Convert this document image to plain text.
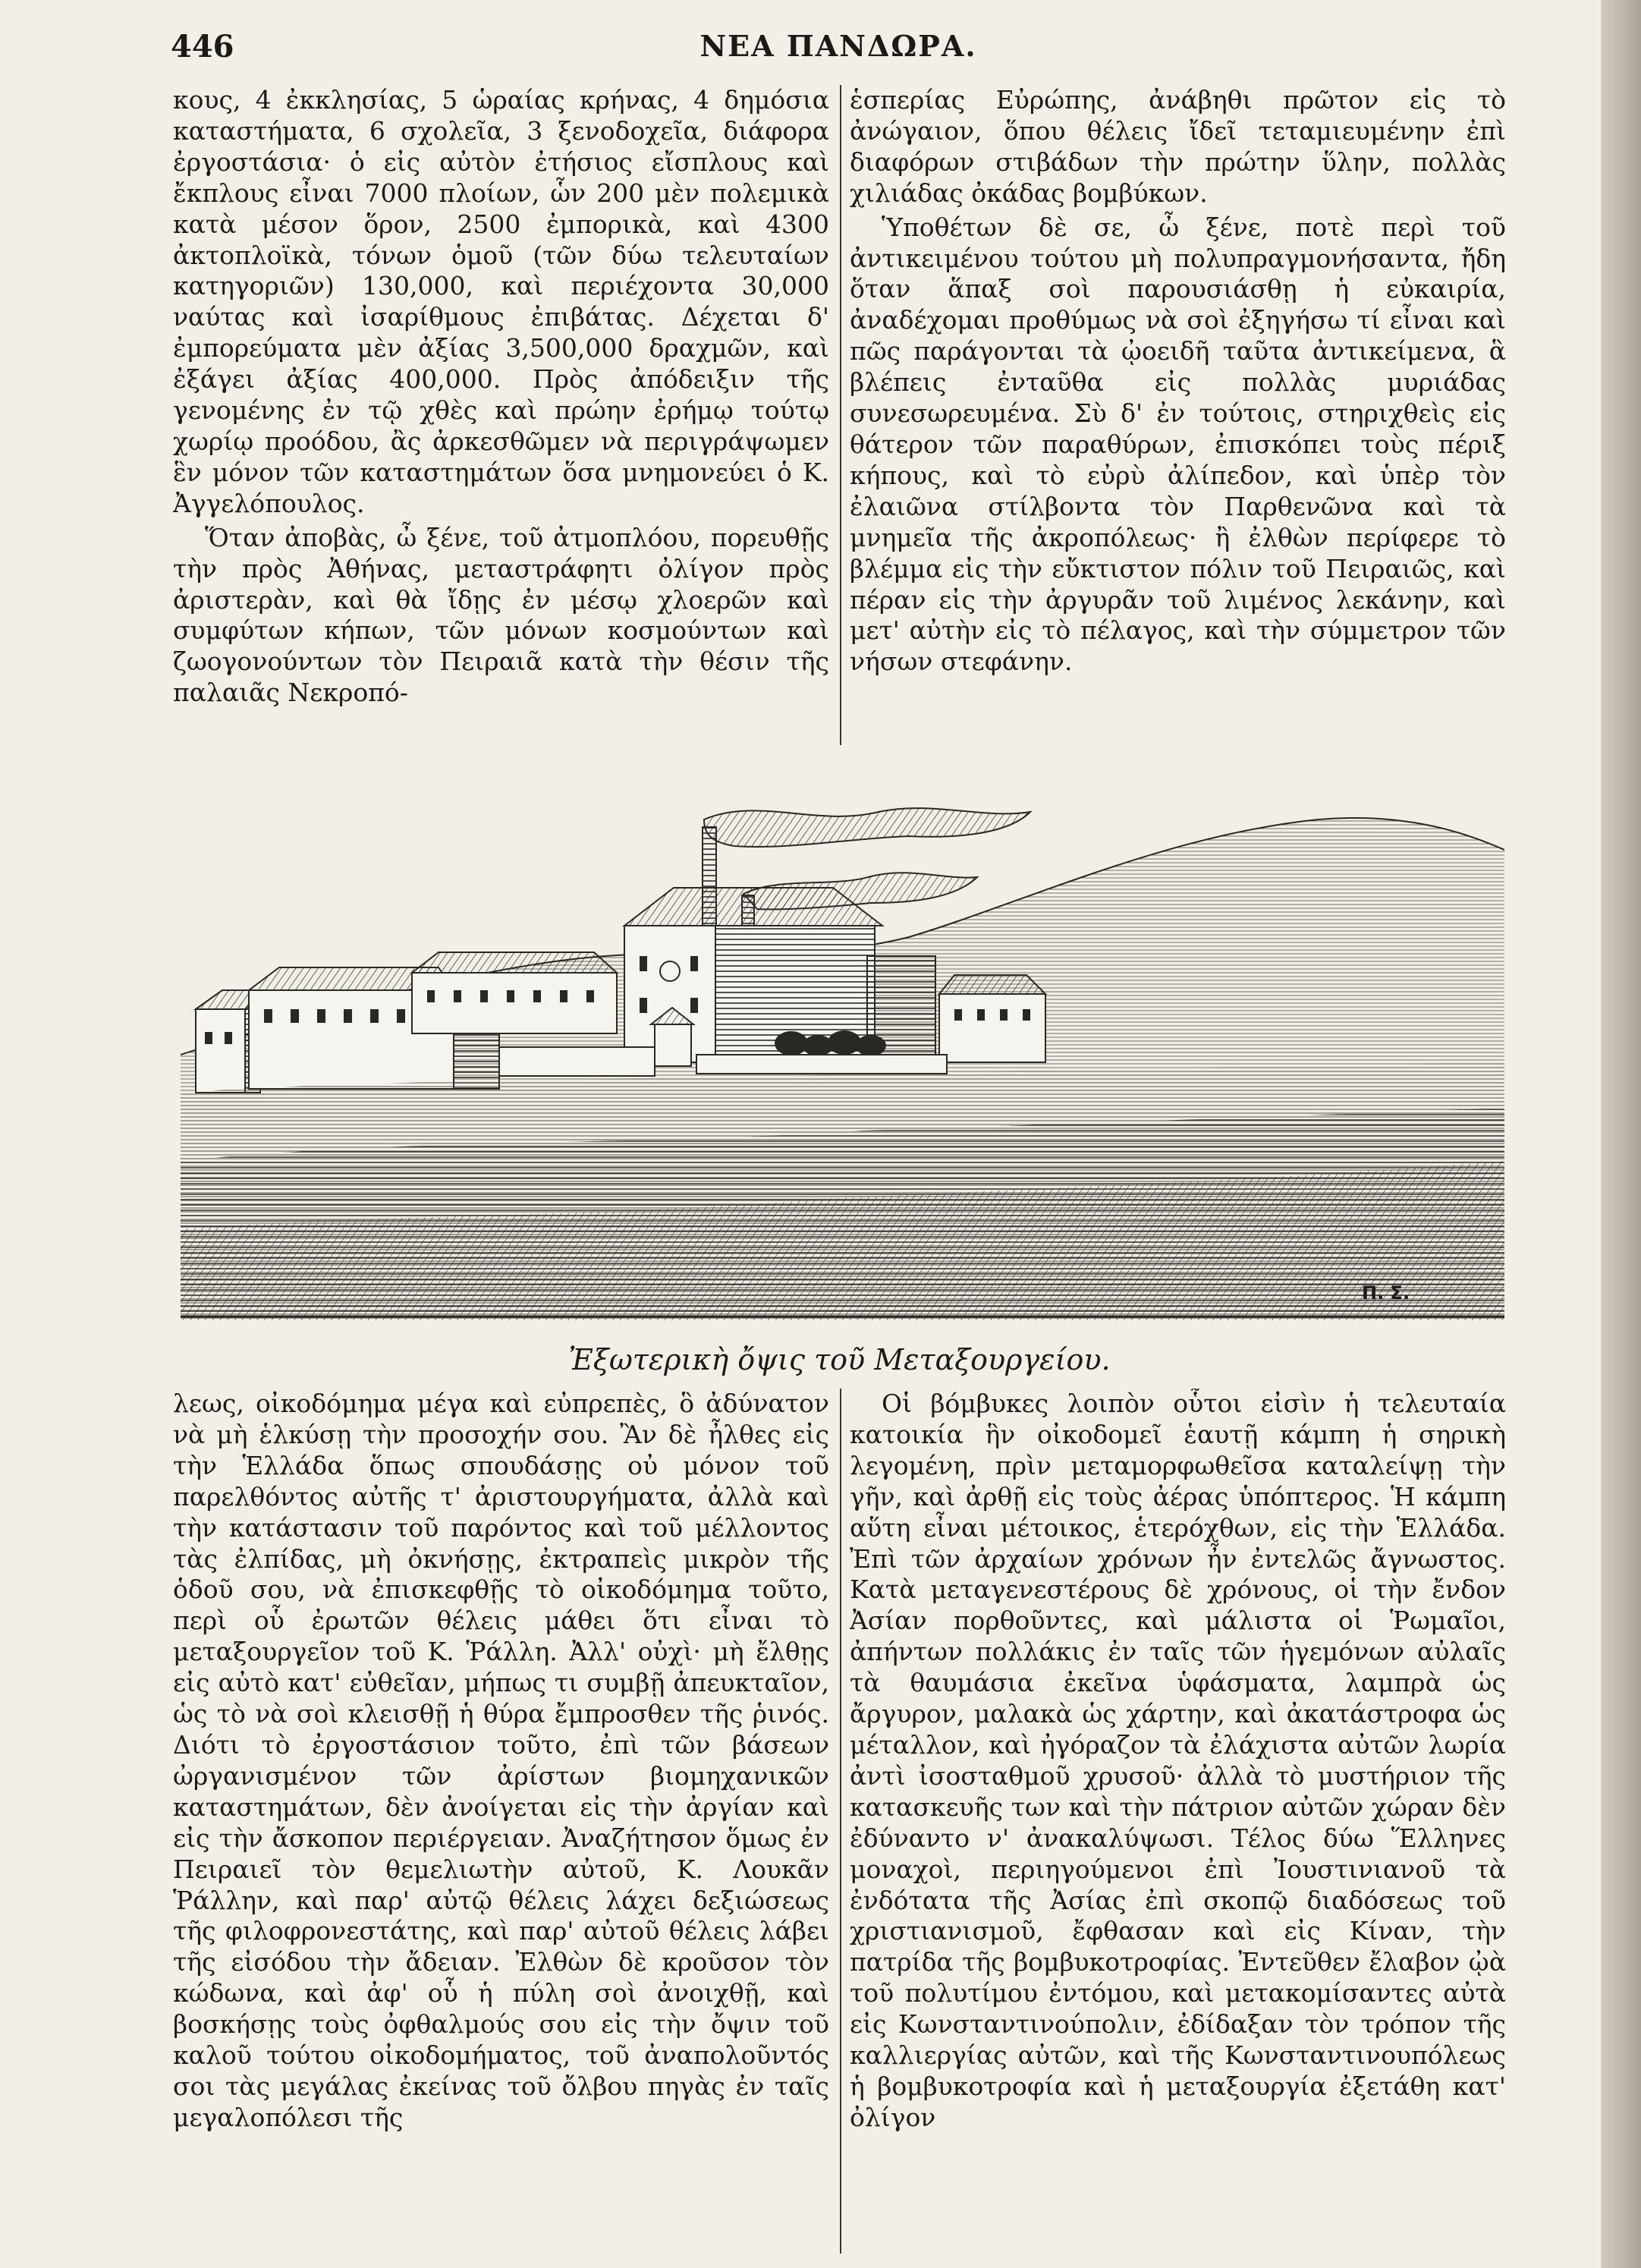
446	ΝΕΑ ΠΑΝΔΩΡΑ.

κους, 4 ἐκκλησίας, 5 ὡραίας κρήνας, 4 δημόσια καταστήματα, 6 σχολεῖα, 3 ξενοδοχεῖα, διάφορα ἐργοστάσια· ὁ εἰς αὐτὸν ἐτήσιος εἴσπλους καὶ ἔκπλους εἶναι 7000 πλοίων, ὧν 200 μὲν πολεμικὰ κατὰ μέσον ὅρον, 2500 ἐμπορικὰ, καὶ 4300 ἀκτοπλοϊκὰ, τόνων ὁμοῦ (τῶν δύω τελευταίων κατηγοριῶν) 130,000, καὶ περιέχοντα 30,000 ναύτας καὶ ἰσαρίθμους ἐπιβάτας. Δέχεται δ' ἐμπορεύματα μὲν ἀξίας 3,500,000 δραχμῶν, καὶ ἐξάγει ἀξίας 400,000. Πρὸς ἀπόδειξιν τῆς γενομένης ἐν τῷ χθὲς καὶ πρώην ἐρήμῳ τούτῳ χωρίῳ προόδου, ἂς ἀρκεσθῶμεν νὰ περιγράψωμεν ἓν μόνον τῶν καταστημάτων ὅσα μνημονεύει ὁ Κ. Ἀγγελόπουλος.

Ὅταν ἀποβὰς, ὦ ξένε, τοῦ ἀτμοπλόου, πορευθῇς τὴν πρὸς Ἀθήνας, μεταστράφητι ὀλίγον πρὸς ἀριστερὰν, καὶ θὰ ἴδῃς ἐν μέσῳ χλοερῶν καὶ συμφύτων κήπων, τῶν μόνων κοσμούντων καὶ ζωογονούντων τὸν Πειραιᾶ κατὰ τὴν θέσιν τῆς παλαιᾶς Νεκροπό-

ἑσπερίας Εὐρώπης, ἀνάβηθι πρῶτον εἰς τὸ ἀνώγαιον, ὅπου θέλεις ἴδεῖ τεταμιευμένην ἐπὶ διαφόρων στιβάδων τὴν πρώτην ὕλην, πολλὰς χιλιάδας ὀκάδας βομβύκων.

Ὑποθέτων δὲ σε, ὦ ξένε, ποτὲ περὶ τοῦ ἀντικειμένου τούτου μὴ πολυπραγμονήσαντα, ἤδη ὅταν ἅπαξ σοὶ παρουσιάσθῃ ἡ εὐκαιρία, ἀναδέχομαι προθύμως νὰ σοὶ ἐξηγήσω τί εἶναι καὶ πῶς παράγονται τὰ ᾠοειδῆ ταῦτα ἀντικείμενα, ἃ βλέπεις ἐνταῦθα εἰς πολλὰς μυριάδας συνεσωρευμένα. Σὺ δ' ἐν τούτοις, στηριχθεὶς εἰς θάτερον τῶν παραθύρων, ἐπισκόπει τοὺς πέριξ κήπους, καὶ τὸ εὐρὺ ἀλίπεδον, καὶ ὑπὲρ τὸν ἐλαιῶνα στίλβοντα τὸν Παρθενῶνα καὶ τὰ μνημεῖα τῆς ἀκροπόλεως· ἢ ἐλθὼν περίφερε τὸ βλέμμα εἰς τὴν εὔκτιστον πόλιν τοῦ Πειραιῶς, καὶ πέραν εἰς τὴν ἀργυρᾶν τοῦ λιμένος λεκάνην, καὶ μετ' αὐτὴν εἰς τὸ πέλαγος, καὶ τὴν σύμμετρον τῶν νήσων στεφάνην.

Π. Σ.
Ἐξωτερικὴ ὄψις τοῦ Μεταξουργείου.

λεως, οἰκοδόμημα μέγα καὶ εὐπρεπὲς, ὃ ἀδύνατον νὰ μὴ ἑλκύσῃ τὴν προσοχήν σου. Ἂν δὲ ἦλθες εἰς τὴν Ἑλλάδα ὅπως σπουδάσῃς οὐ μόνον τοῦ παρελθόντος αὐτῆς τ' ἀριστουργήματα, ἀλλὰ καὶ τὴν κατάστασιν τοῦ παρόντος καὶ τοῦ μέλλοντος τὰς ἐλπίδας, μὴ ὀκνήσῃς, ἐκτραπεὶς μικρὸν τῆς ὁδοῦ σου, νὰ ἐπισκεφθῇς τὸ οἰκοδόμημα τοῦτο, περὶ οὗ ἐρωτῶν θέλεις μάθει ὅτι εἶναι τὸ μεταξουργεῖον τοῦ Κ. Ῥάλλη. Ἀλλ' οὐχὶ· μὴ ἔλθῃς εἰς αὐτὸ κατ' εὐθεῖαν, μήπως τι συμβῇ ἀπευκταῖον, ὡς τὸ νὰ σοὶ κλεισθῇ ἡ θύρα ἔμπροσθεν τῆς ῥινός. Διότι τὸ ἐργοστάσιον τοῦτο, ἐπὶ τῶν βάσεων ὠργανισμένον τῶν ἀρίστων βιομηχανικῶν καταστημάτων, δὲν ἀνοίγεται εἰς τὴν ἀργίαν καὶ εἰς τὴν ἄσκοπον περιέργειαν. Ἀναζήτησον ὅμως ἐν Πειραιεῖ τὸν θεμελιωτὴν αὐτοῦ, Κ. Λουκᾶν Ῥάλλην, καὶ παρ' αὐτῷ θέλεις λάχει δεξιώσεως τῆς φιλοφρονεστάτης, καὶ παρ' αὐτοῦ θέλεις λάβει τῆς εἰσόδου τὴν ἄδειαν. Ἐλθὼν δὲ κροῦσον τὸν κώδωνα, καὶ ἀφ' οὗ ἡ πύλη σοὶ ἀνοιχθῇ, καὶ βοσκήσῃς τοὺς ὀφθαλμούς σου εἰς τὴν ὄψιν τοῦ καλοῦ τούτου οἰκοδομήματος, τοῦ ἀναπολοῦντός σοι τὰς μεγάλας ἐκείνας τοῦ ὄλβου πηγὰς ἐν ταῖς μεγαλοπόλεσι τῆς

Οἱ βόμβυκες λοιπὸν οὗτοι εἰσὶν ἡ τελευταία κατοικία ἣν οἰκοδομεῖ ἑαυτῇ κάμπη ἡ σηρικὴ λεγομένη, πρὶν μεταμορφωθεῖσα καταλείψῃ τὴν γῆν, καὶ ἀρθῇ εἰς τοὺς ἀέρας ὑπόπτερος. Ἡ κάμπη αὕτη εἶναι μέτοικος, ἑτερόχθων, εἰς τὴν Ἑλλάδα. Ἐπὶ τῶν ἀρχαίων χρόνων ἦν ἐντελῶς ἄγνωστος. Κατὰ μεταγενεστέρους δὲ χρόνους, οἱ τὴν ἔνδον Ἀσίαν πορθοῦντες, καὶ μάλιστα οἱ Ῥωμαῖοι, ἀπήντων πολλάκις ἐν ταῖς τῶν ἡγεμόνων αὐλαῖς τὰ θαυμάσια ἐκεῖνα ὑφάσματα, λαμπρὰ ὡς ἄργυρον, μαλακὰ ὡς χάρτην, καὶ ἀκατάστροφα ὡς μέταλλον, καὶ ἠγόραζον τὰ ἐλάχιστα αὐτῶν λωρία ἀντὶ ἰσοσταθμοῦ χρυσοῦ· ἀλλὰ τὸ μυστήριον τῆς κατασκευῆς των καὶ τὴν πάτριον αὐτῶν χώραν δὲν ἐδύναντο ν' ἀνακαλύψωσι. Τέλος δύω Ἕλληνες μοναχοὶ, περιηγούμενοι ἐπὶ Ἰουστινιανοῦ τὰ ἐνδότατα τῆς Ἀσίας ἐπὶ σκοπῷ διαδόσεως τοῦ χριστιανισμοῦ, ἔφθασαν καὶ εἰς Κίναν, τὴν πατρίδα τῆς βομβυκοτροφίας. Ἐντεῦθεν ἔλαβον ᾠὰ τοῦ πολυτίμου ἐντόμου, καὶ μετακομίσαντες αὐτὰ εἰς Κωνσταντινούπολιν, ἐδίδαξαν τὸν τρόπον τῆς καλλιεργίας αὐτῶν, καὶ τῆς Κωνσταντινουπόλεως ἡ βομβυκοτροφία καὶ ἡ μεταξουργία ἐξετάθη κατ' ὀλίγον
